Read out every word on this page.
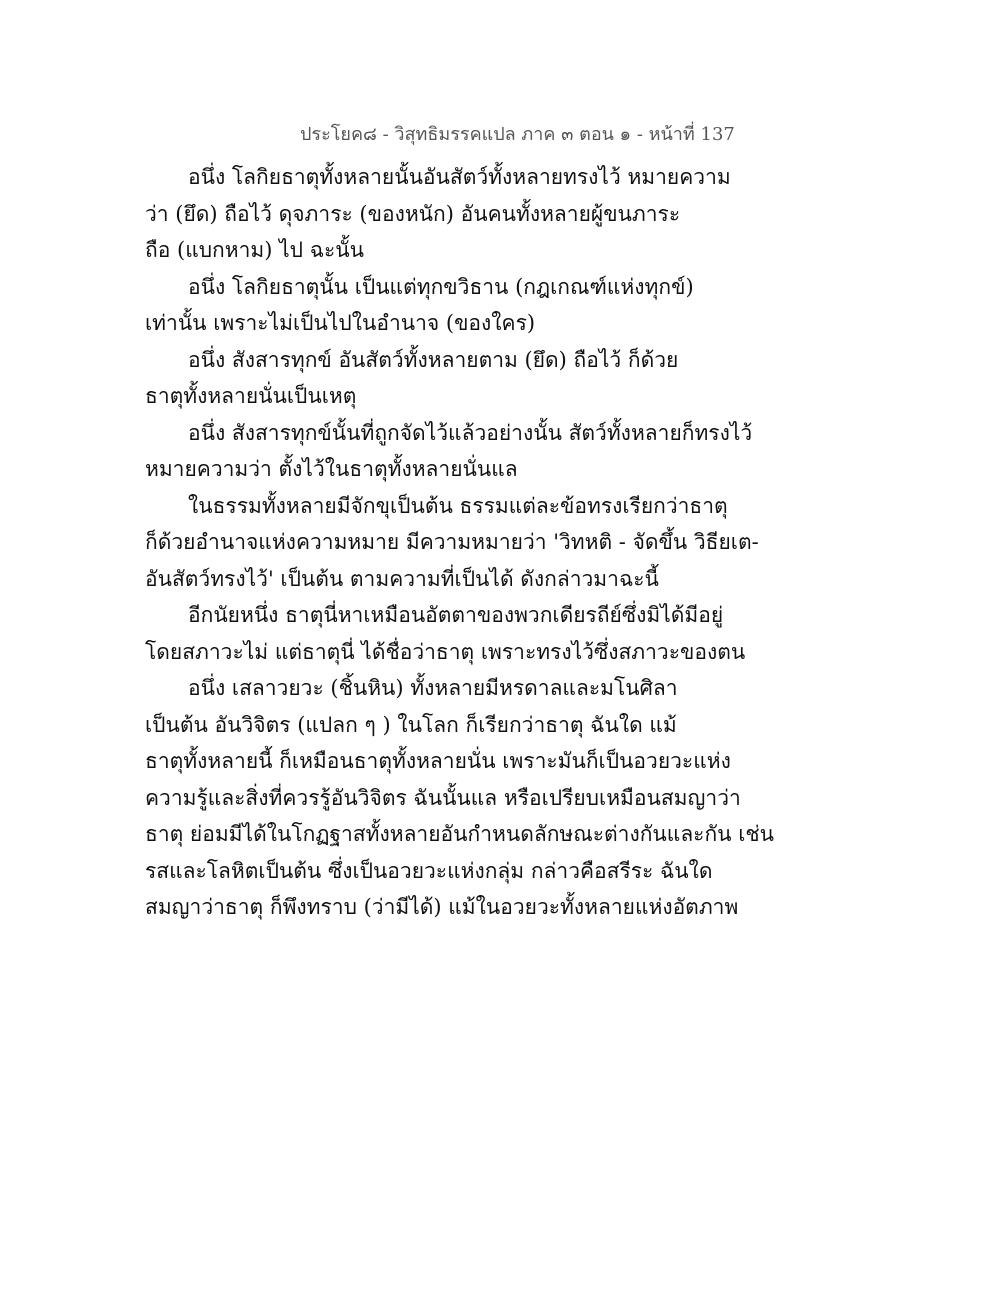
ประโยค๘ - วิสุทธิมรรคแปล ภาค ๓ ตอน ๑ - หน้าที่ 137
อนึ่ง โลกิยธาตุทั้งหลายนั้นอันสัตว์ทั้งหลายทรงไว้ หมายความ
ว่า (ยึด) ถือไว้ ดุจภาระ (ของหนัก) อันคนทั้งหลายผู้ขนภาระ
ถือ (แบกหาม) ไป ฉะนั้น
อนึ่ง โลกิยธาตุนั้น เป็นแต่ทุกขวิธาน (กฎเกณฑ์แห่งทุกข์)
เท่านั้น เพราะไม่เป็นไปในอำนาจ (ของใคร)
อนึ่ง สังสารทุกข์ อันสัตว์ทั้งหลายตาม (ยึด) ถือไว้ ก็ด้วย
ธาตุทั้งหลายนั่นเป็นเหตุ
อนึ่ง สังสารทุกข์นั้นที่ถูกจัดไว้แล้วอย่างนั้น สัตว์ทั้งหลายก็ทรงไว้
หมายความว่า ตั้งไว้ในธาตุทั้งหลายนั่นแล
ในธรรมทั้งหลายมีจักขุเป็นต้น ธรรมแต่ละข้อทรงเรียกว่าธาตุ
ก็ด้วยอำนาจแห่งความหมาย มีความหมายว่า 'วิทหติ - จัดขึ้น วิธียเต-
อันสัตว์ทรงไว้' เป็นต้น ตามความที่เป็นได้ ดังกล่าวมาฉะนี้
อีกนัยหนึ่ง ธาตุนี่หาเหมือนอัตตาของพวกเดียรถีย์ซึ่งมิได้มีอยู่
โดยสภาวะไม่ แต่ธาตุนี่ ได้ชื่อว่าธาตุ เพราะทรงไว้ซึ่งสภาวะของตน
อนึ่ง เสลาวยวะ (ชิ้นหิน) ทั้งหลายมีหรดาลและมโนศิลา
เป็นต้น อันวิจิตร (แปลก ๆ ) ในโลก ก็เรียกว่าธาตุ ฉันใด แม้
ธาตุทั้งหลายนี้ ก็เหมือนธาตุทั้งหลายนั่น เพราะมันก็เป็นอวยวะแห่ง
ความรู้และสิ่งที่ควรรู้อันวิจิตร ฉันนั้นแล หรือเปรียบเหมือนสมญาว่า
ธาตุ ย่อมมีได้ในโกฏฐาสทั้งหลายอันกำหนดลักษณะต่างกันและกัน เช่น
รสและโลหิตเป็นต้น ซึ่งเป็นอวยวะแห่งกลุ่ม กล่าวคือสรีระ ฉันใด
สมญาว่าธาตุ ก็พึงทราบ (ว่ามีได้) แม้ในอวยวะทั้งหลายแห่งอัตภาพ
